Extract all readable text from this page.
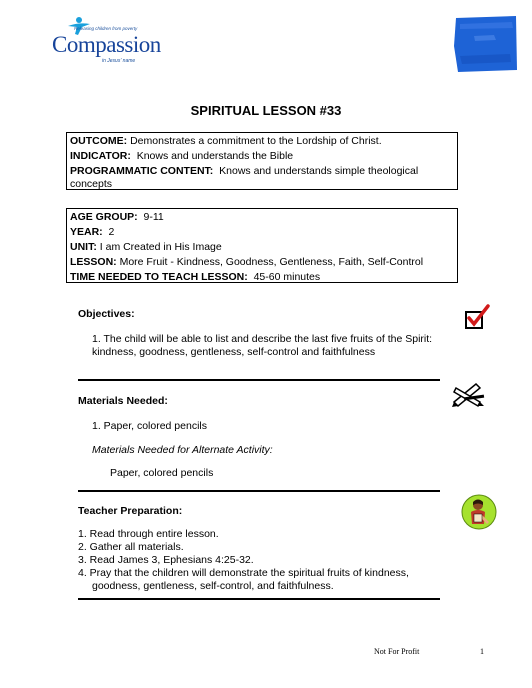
Releasing children from poverty
Compassion
in Jesus' name
SPIRITUAL LESSON #33
OUTCOME: Demonstrates a commitment to the Lordship of Christ.
INDICATOR: Knows and understands the Bible
PROGRAMMATIC CONTENT: Knows and understands simple theological concepts
AGE GROUP: 9-11
YEAR: 2
UNIT: I am Created in His Image
LESSON: More Fruit - Kindness, Goodness, Gentleness, Faith, Self-Control
TIME NEEDED TO TEACH LESSON: 45-60 minutes
Objectives:
1. The child will be able to list and describe the last five fruits of the Spirit:
kindness, goodness, gentleness, self-control and faithfulness
Materials Needed:
1. Paper, colored pencils
Materials Needed for Alternate Activity:
Paper, colored pencils
Teacher Preparation:
1. Read through entire lesson.
2. Gather all materials.
3. Read James 3, Ephesians 4:25-32.
4. Pray that the children will demonstrate the spiritual fruits of kindness,
goodness, gentleness, self-control, and faithfulness.
Not For Profit	1
